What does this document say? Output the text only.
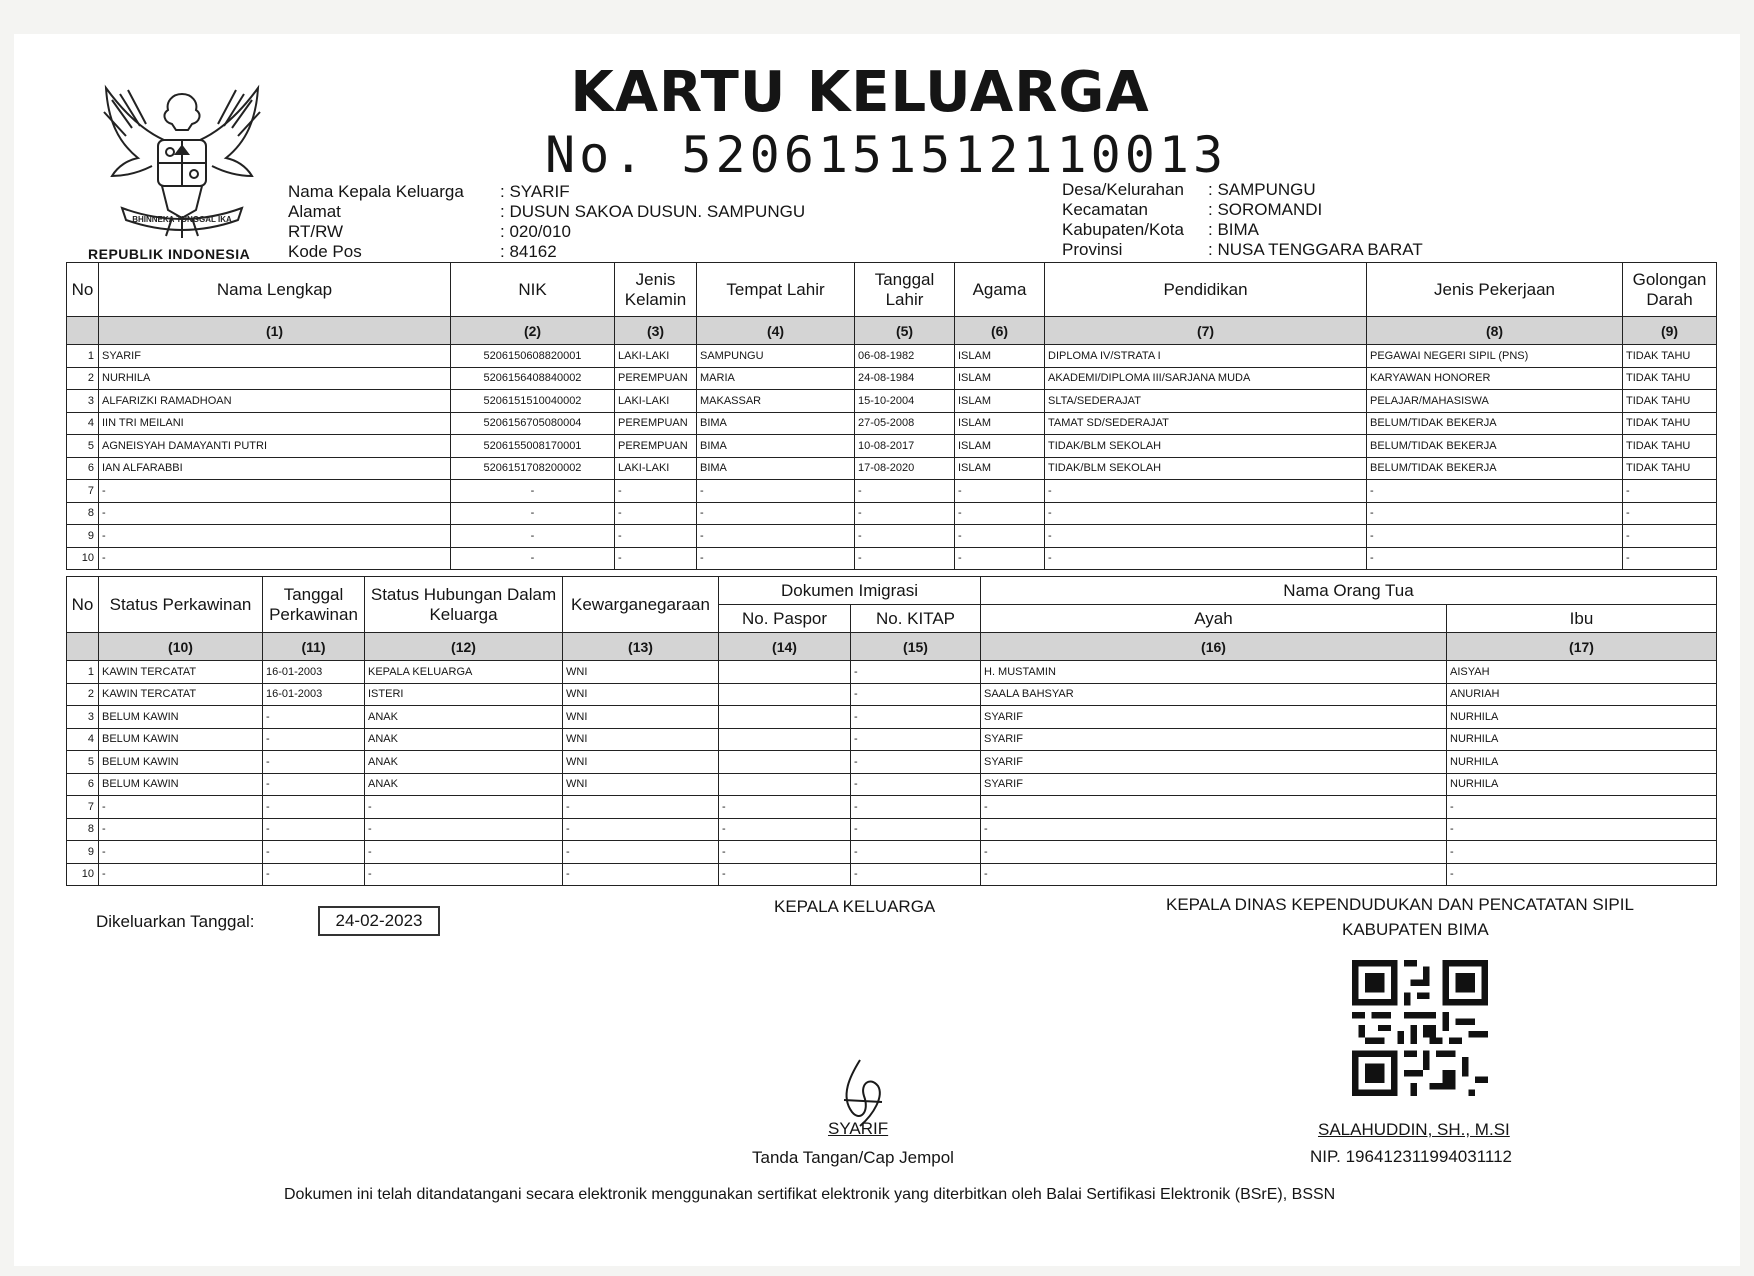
BHINNEKA TUNGGAL IKA
REPUBLIK INDONESIA
KARTU KELUARGA
No. 5206151512110013
Nama Kepala Keluarga : SYARIF
Alamat	: DUSUN SAKOA DUSUN. SAMPUNGU
RT/RW	: 020/010
Kode Pos	: 84162
Desa/Kelurahan : SAMPUNGU
Kecamatan	: SOROMANDI
Kabupaten/Kota : BIMA
Provinsi	: NUSA TENGGARA BARAT
No	Nama Lengkap	NIK	Jenis Kelamin	Tempat Lahir	Tanggal Lahir	Agama	Pendidikan	Jenis Pekerjaan	Golongan Darah
	(1)	(2)	(3)	(4)	(5)	(6)	(7)	(8)	(9)
1	SYARIF	5206150608820001	LAKI-LAKI	SAMPUNGU	06-08-1982	ISLAM	DIPLOMA IV/STRATA I	PEGAWAI NEGERI SIPIL (PNS)	TIDAK TAHU
2	NURHILA	5206156408840002	PEREMPUAN	MARIA	24-08-1984	ISLAM	AKADEMI/DIPLOMA III/SARJANA MUDA	KARYAWAN HONORER	TIDAK TAHU
3	ALFARIZKI RAMADHOAN	5206151510040002	LAKI-LAKI	MAKASSAR	15-10-2004	ISLAM	SLTA/SEDERAJAT	PELAJAR/MAHASISWA	TIDAK TAHU
4	IIN TRI MEILANI	5206156705080004	PEREMPUAN	BIMA	27-05-2008	ISLAM	TAMAT SD/SEDERAJAT	BELUM/TIDAK BEKERJA	TIDAK TAHU
5	AGNEISYAH DAMAYANTI PUTRI	5206155008170001	PEREMPUAN	BIMA	10-08-2017	ISLAM	TIDAK/BLM SEKOLAH	BELUM/TIDAK BEKERJA	TIDAK TAHU
6	IAN ALFARABBI	5206151708200002	LAKI-LAKI	BIMA	17-08-2020	ISLAM	TIDAK/BLM SEKOLAH	BELUM/TIDAK BEKERJA	TIDAK TAHU
7	-	-	-	-	-	-	-	-	-
8	-	-	-	-	-	-	-	-	-
9	-	-	-	-	-	-	-	-	-
10	-	-	-	-	-	-	-	-	-
No	Status Perkawinan	Tanggal Perkawinan	Status Hubungan Dalam Keluarga	Kewarganegaraan	Dokumen Imigrasi		Nama Orang Tua	
					No. Paspor	No. KITAP	Ayah	Ibu
	(10)	(11)	(12)	(13)	(14)	(15)	(16)	(17)
1	KAWIN TERCATAT	16-01-2003	KEPALA KELUARGA	WNI		-	H. MUSTAMIN	AISYAH
2	KAWIN TERCATAT	16-01-2003	ISTERI	WNI		-	SAALA BAHSYAR	ANURIAH
3	BELUM KAWIN	-	ANAK	WNI		-	SYARIF	NURHILA
4	BELUM KAWIN	-	ANAK	WNI		-	SYARIF	NURHILA
5	BELUM KAWIN	-	ANAK	WNI		-	SYARIF	NURHILA
6	BELUM KAWIN	-	ANAK	WNI		-	SYARIF	NURHILA
7	-	-	-	-	-	-	-	-
8	-	-	-	-	-	-	-	-
9	-	-	-	-	-	-	-	-
10	-	-	-	-	-	-	-	-
Dikeluarkan Tanggal:	24-02-2023
KEPALA KELUARGA
SYARIF
Tanda Tangan/Cap Jempol
KEPALA DINAS KEPENDUDUKAN DAN PENCATATAN SIPIL
KABUPATEN BIMA
SALAHUDDIN, SH., M.SI
NIP. 196412311994031112
Dokumen ini telah ditandatangani secara elektronik menggunakan sertifikat elektronik yang diterbitkan oleh Balai Sertifikasi Elektronik (BSrE), BSSN
